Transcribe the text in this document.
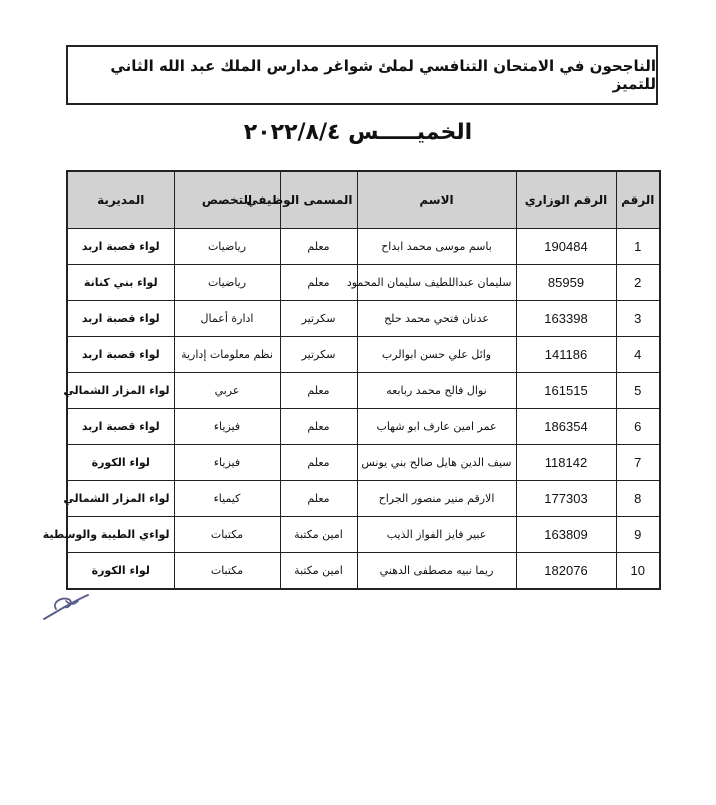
الناجحون في الامتحان التنافسي لملئ شواغر مدارس الملك عبد الله الثاني للتميز
الخميـــــس ٢٠٢٢/٨/٤
الرقم	الرقم الوزاري	الاسم	المسمى الوظيفي	التخصص	المديرية
1	190484	باسم موسى محمد ابداح	معلم	رياضيات	لواء قصبة اربد
2	85959	سليمان عبداللطيف سليمان المحمود	معلم	رياضيات	لواء بني كنانة
3	163398	عدنان فتحي محمد حلح	سكرتير	ادارة أعمال	لواء قصبة اربد
4	141186	وائل علي حسن ابوالرب	سكرتير	نظم معلومات إدارية	لواء قصبة اربد
5	161515	نوال فالح محمد ربابعه	معلم	عربي	لواء المزار الشمالي
6	186354	عمر امين عارف ابو شهاب	معلم	فيزياء	لواء قصبة اربد
7	118142	سيف الدين هايل صالح بني يونس	معلم	فيزياء	لواء الكورة
8	177303	الارقم منير منصور الجراح	معلم	كيمياء	لواء المزار الشمالي
9	163809	عبير فايز الفواز الذيب	امين مكتبة	مكتبات	لواءي الطيبة والوسطية
10	182076	ريما نبيه مصطفى الدهني	امين مكتبة	مكتبات	لواء الكورة
